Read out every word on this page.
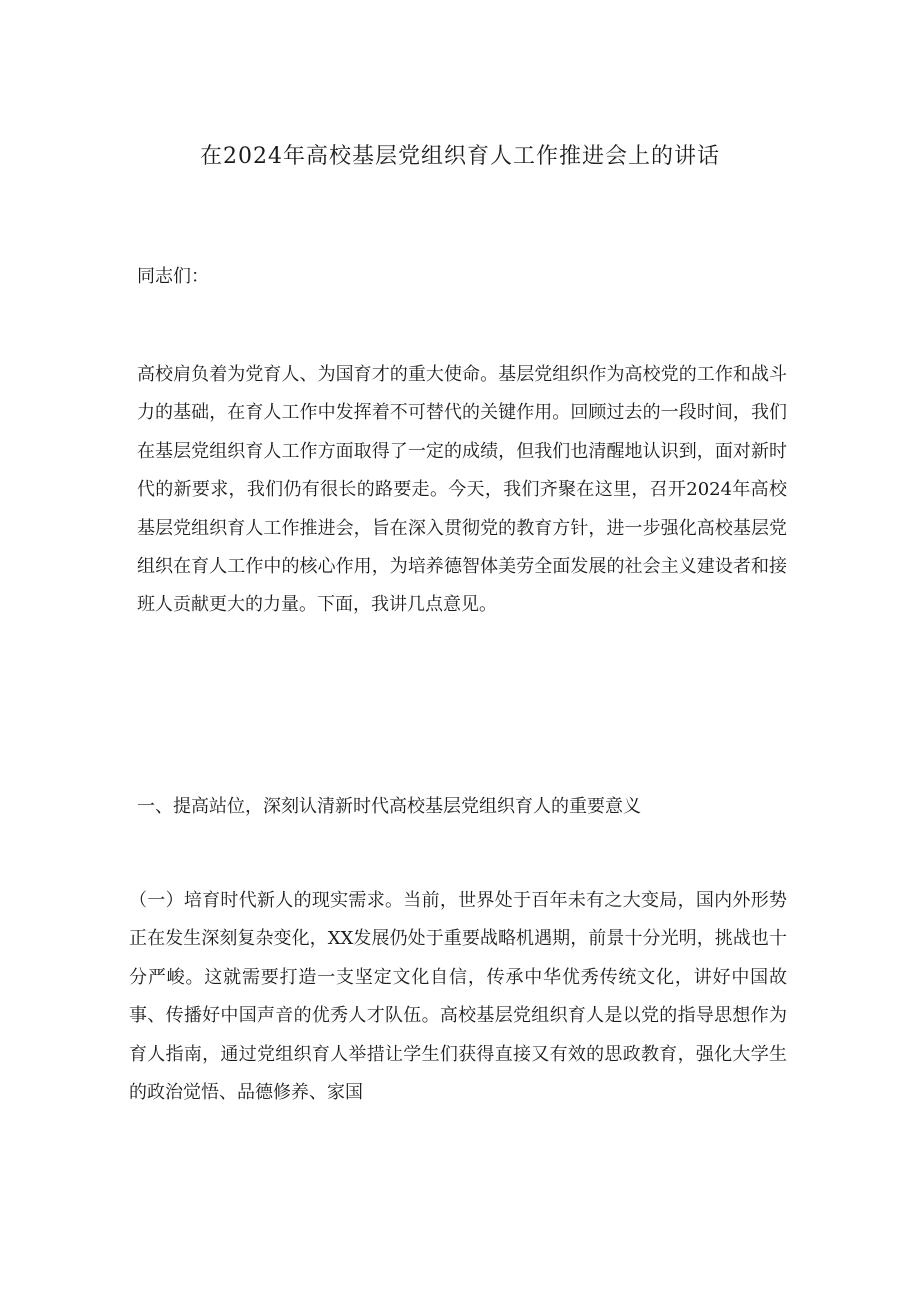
在2024年高校基层党组织育人工作推进会上的讲话

同志们：

高校肩负着为党育人、为国育才的重大使命。基层党组织作为高校党的工作和战斗力的基础，在育人工作中发挥着不可替代的关键作用。回顾过去的一段时间，我们在基层党组织育人工作方面取得了一定的成绩，但我们也清醒地认识到，面对新时代的新要求，我们仍有很长的路要走。今天，我们齐聚在这里，召开2024年高校基层党组织育人工作推进会，旨在深入贯彻党的教育方针，进一步强化高校基层党组织在育人工作中的核心作用，为培养德智体美劳全面发展的社会主义建设者和接班人贡献更大的力量。下面，我讲几点意见。

一、提高站位，深刻认清新时代高校基层党组织育人的重要意义

（一）培育时代新人的现实需求。当前，世界处于百年未有之大变局，国内外形势正在发生深刻复杂变化，XX发展仍处于重要战略机遇期，前景十分光明，挑战也十分严峻。这就需要打造一支坚定文化自信，传承中华优秀传统文化，讲好中国故事、传播好中国声音的优秀人才队伍。高校基层党组织育人是以党的指导思想作为育人指南，通过党组织育人举措让学生们获得直接又有效的思政教育，强化大学生的政治觉悟、品德修养、家国
